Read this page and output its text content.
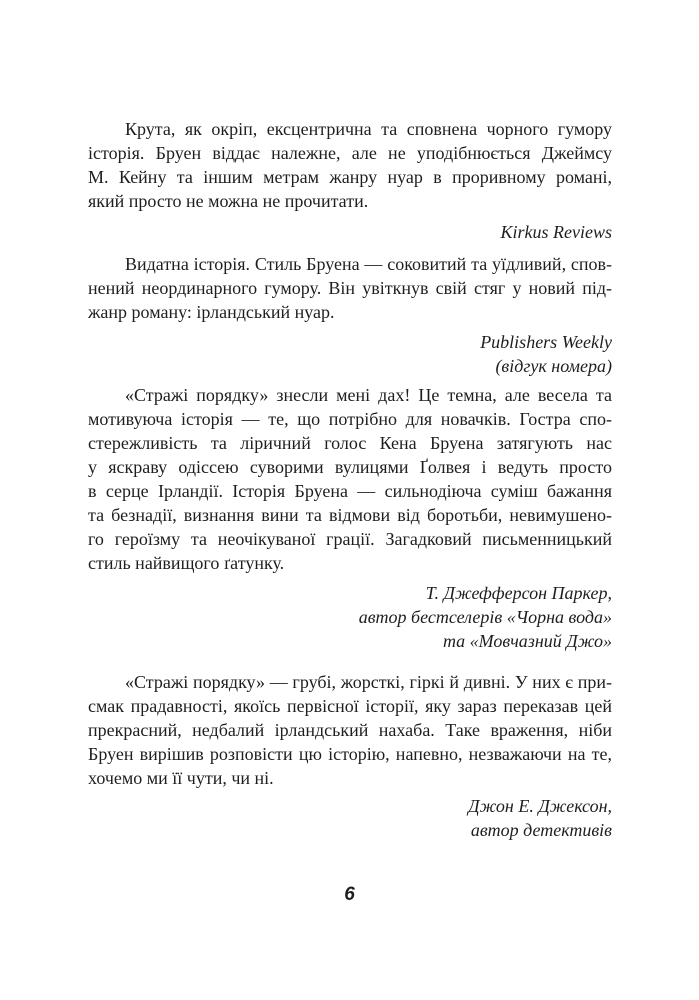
Крута, як окріп, ексцентрична та сповнена чорного гумору
історія. Бруен віддає належне, але не уподібнюється Джеймсу
М. Кейну та іншим метрам жанру нуар в проривному романі,
який просто не можна не прочитати.

Kirkus Reviews

Видатна історія. Стиль Бруена — соковитий та уїдливий, спов-
нений неординарного гумору. Він увіткнув свій стяг у новий під-
жанр роману: ірландський нуар.

Publishers Weekly
(відгук номера)

«Стражі порядку» знесли мені дах! Це темна, але весела та
мотивуюча історія — те, що потрібно для новачків. Гостра спо-
стережливість та ліричний голос Кена Бруена затягують нас
у яскраву одіссею суворими вулицями Ґолвея і ведуть просто
в серце Ірландії. Історія Бруена — сильнодіюча суміш бажання
та безнадії, визнання вини та відмови від боротьби, невимушено-
го героїзму та неочікуваної грації. Загадковий письменницький
стиль найвищого ґатунку.

Т. Джефферсон Паркер,
автор бестселерів «Чорна вода»
та «Мовчазний Джо»

«Стражі порядку» — грубі, жорсткі, гіркі й дивні. У них є при-
смак прадавності, якоїсь первісної історії, яку зараз переказав цей
прекрасний, недбалий ірландський нахаба. Таке враження, ніби
Бруен вирішив розповісти цю історію, напевно, незважаючи на те,
хочемо ми її чути, чи ні.

Джон Е. Джексон,
автор детективів

6
